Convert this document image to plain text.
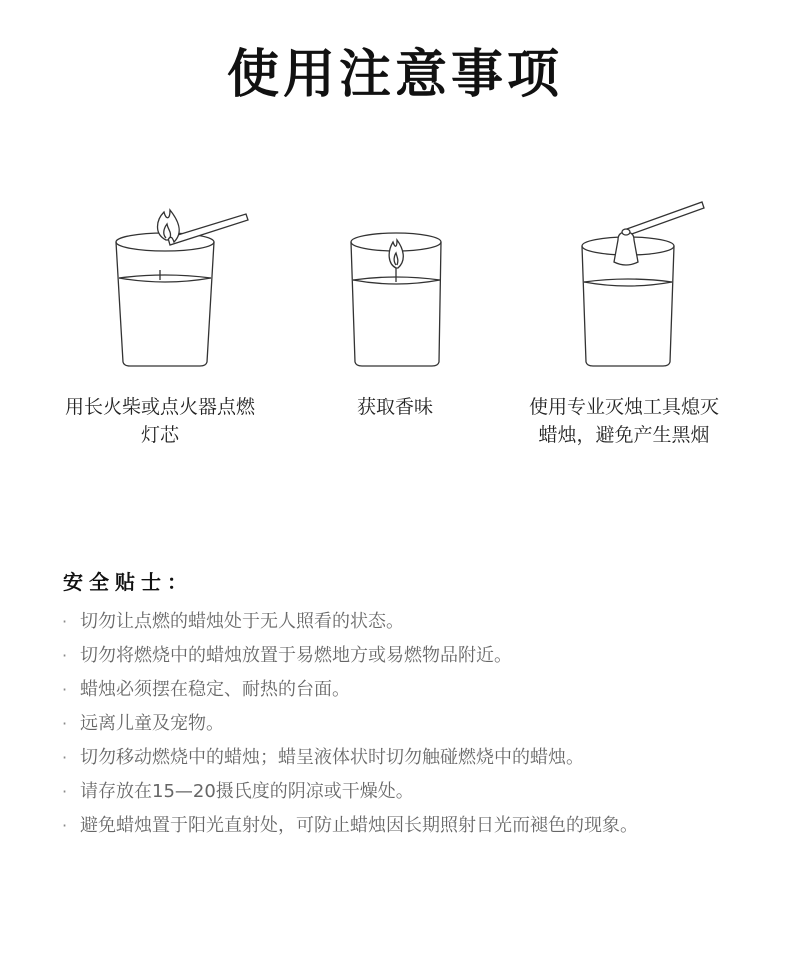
使用注意事项
用长火柴或点火器点燃灯芯
获取香味	使用专业灭烛工具熄灭蜡烛，避免产生黑烟
安全贴士：
· 切勿让点燃的蜡烛处于无人照看的状态。
· 切勿将燃烧中的蜡烛放置于易燃地方或易燃物品附近。
· 蜡烛必须摆在稳定、耐热的台面。
· 远离儿童及宠物。
· 切勿移动燃烧中的蜡烛；蜡呈液体状时切勿触碰燃烧中的蜡烛。
· 请存放在15—20摄氏度的阴凉或干燥处。
· 避免蜡烛置于阳光直射处，可防止蜡烛因长期照射日光而褪色的现象。
